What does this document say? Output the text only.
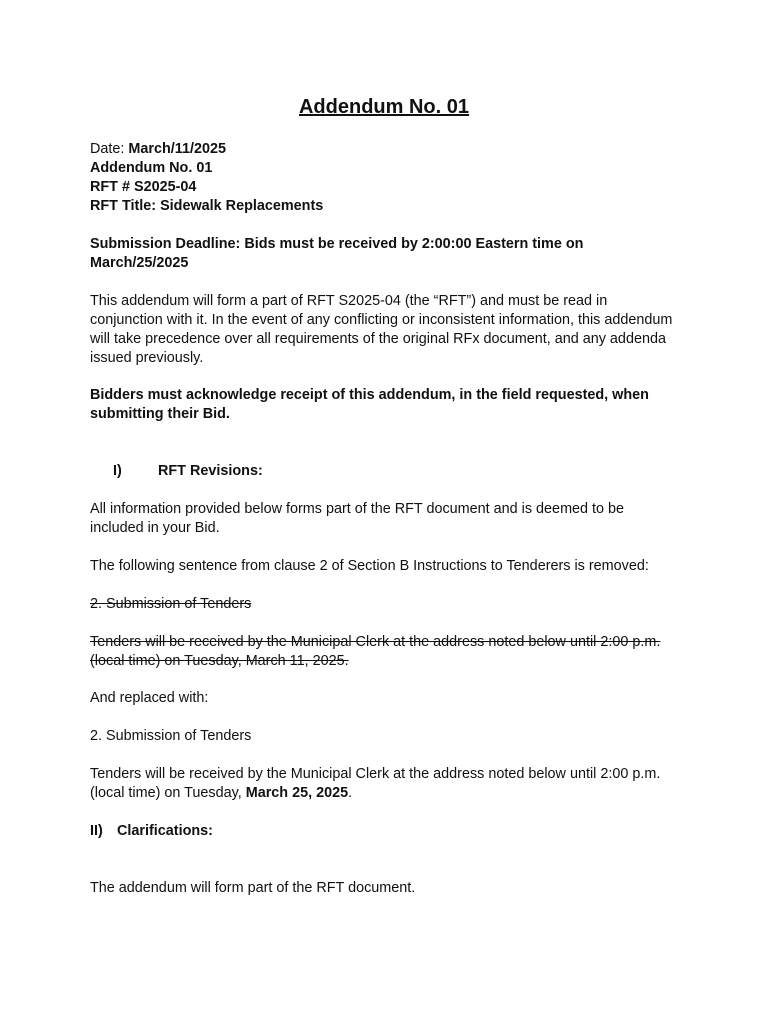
Addendum No. 01

Date: March/11/2025

Addendum No. 01

RFT # S2025-04

RFT Title: Sidewalk Replacements

Submission Deadline: Bids must be received by 2:00:00 Eastern time on March/25/2025

This addendum will form a part of RFT S2025-04 (the “RFT”) and must be read in conjunction with it. In the event of any conflicting or inconsistent information, this addendum will take precedence over all requirements of the original RFx document, and any addenda issued previously.

Bidders must acknowledge receipt of this addendum, in the field requested, when submitting their Bid.

I)	RFT Revisions:

All information provided below forms part of the RFT document and is deemed to be included in your Bid.

The following sentence from clause 2 of Section B Instructions to Tenderers is removed:

2. Submission of Tenders

Tenders will be received by the Municipal Clerk at the address noted below until 2:00 p.m. (local time) on Tuesday, March 11, 2025.

And replaced with:

2. Submission of Tenders

Tenders will be received by the Municipal Clerk at the address noted below until 2:00 p.m. (local time) on Tuesday, March 25, 2025.

II) Clarifications:

The addendum will form part of the RFT document.
